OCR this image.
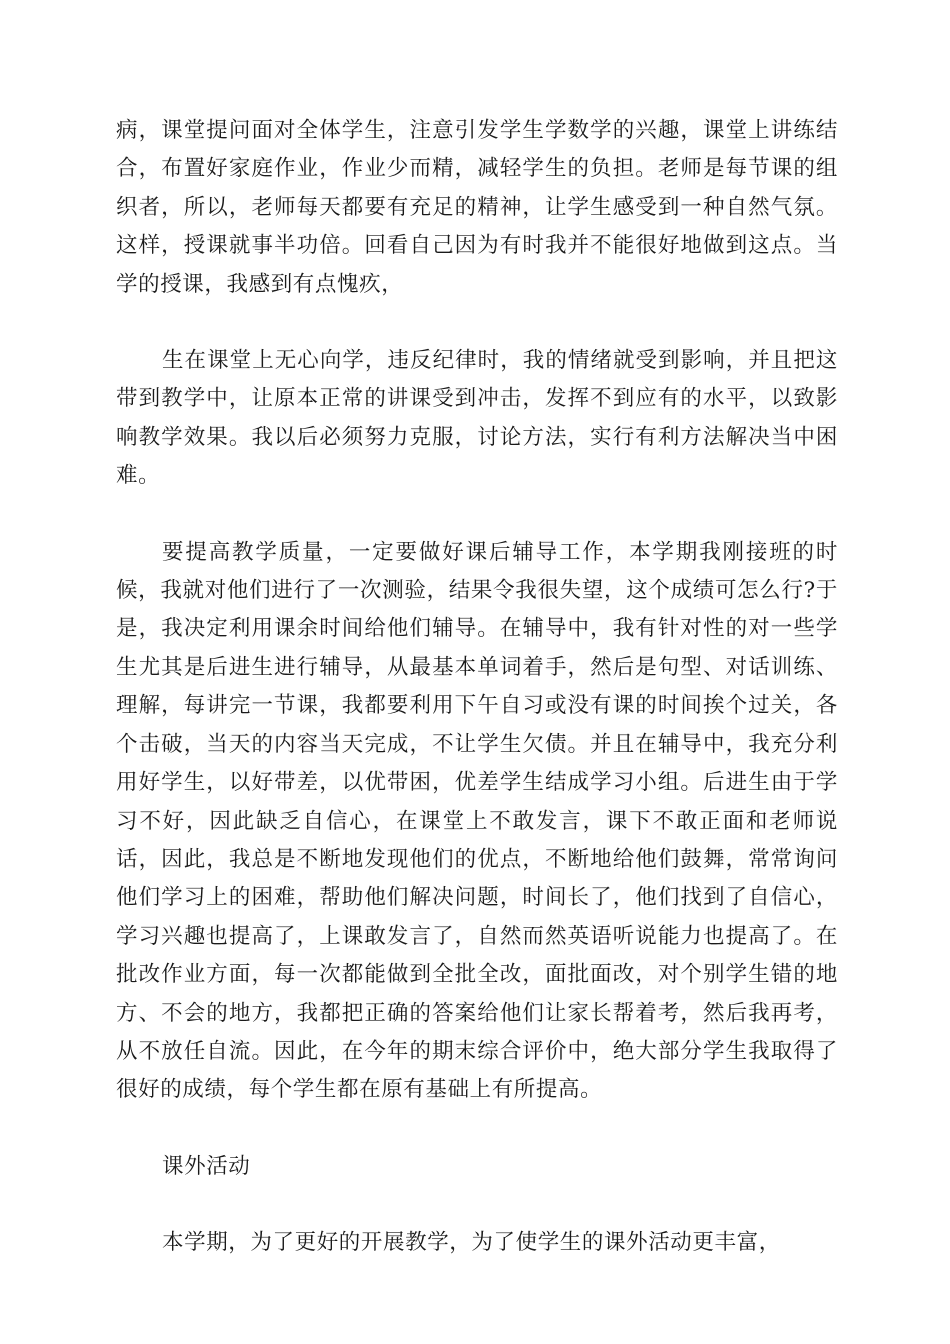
病，课堂提问面对全体学生，注意引发学生学数学的兴趣，课堂上讲练结合，布置好家庭作业，作业少而精，减轻学生的负担。老师是每节课的组织者，所以，老师每天都要有充足的精神，让学生感受到一种自然气氛。这样，授课就事半功倍。回看自己因为有时我并不能很好地做到这点。当学的授课，我感到有点愧疚，

生在课堂上无心向学，违反纪律时，我的情绪就受到影响，并且把这带到教学中，让原本正常的讲课受到冲击，发挥不到应有的水平，以致影响教学效果。我以后必须努力克服，讨论方法，实行有利方法解决当中困难。

要提高教学质量，一定要做好课后辅导工作，本学期我刚接班的时候，我就对他们进行了一次测验，结果令我很失望，这个成绩可怎么行?于是，我决定利用课余时间给他们辅导。在辅导中，我有针对性的对一些学生尤其是后进生进行辅导，从最基本单词着手，然后是句型、对话训练、理解，每讲完一节课，我都要利用下午自习或没有课的时间挨个过关，各个击破，当天的内容当天完成，不让学生欠债。并且在辅导中，我充分利用好学生，以好带差，以优带困，优差学生结成学习小组。后进生由于学习不好，因此缺乏自信心，在课堂上不敢发言，课下不敢正面和老师说话，因此，我总是不断地发现他们的优点，不断地给他们鼓舞，常常询问他们学习上的困难，帮助他们解决问题，时间长了，他们找到了自信心，学习兴趣也提高了，上课敢发言了，自然而然英语听说能力也提高了。在批改作业方面，每一次都能做到全批全改，面批面改，对个别学生错的地方、不会的地方，我都把正确的答案给他们让家长帮着考，然后我再考，从不放任自流。因此，在今年的期末综合评价中，绝大部分学生我取得了很好的成绩，每个学生都在原有基础上有所提高。

课外活动

本学期，为了更好的开展教学，为了使学生的课外活动更丰富，
